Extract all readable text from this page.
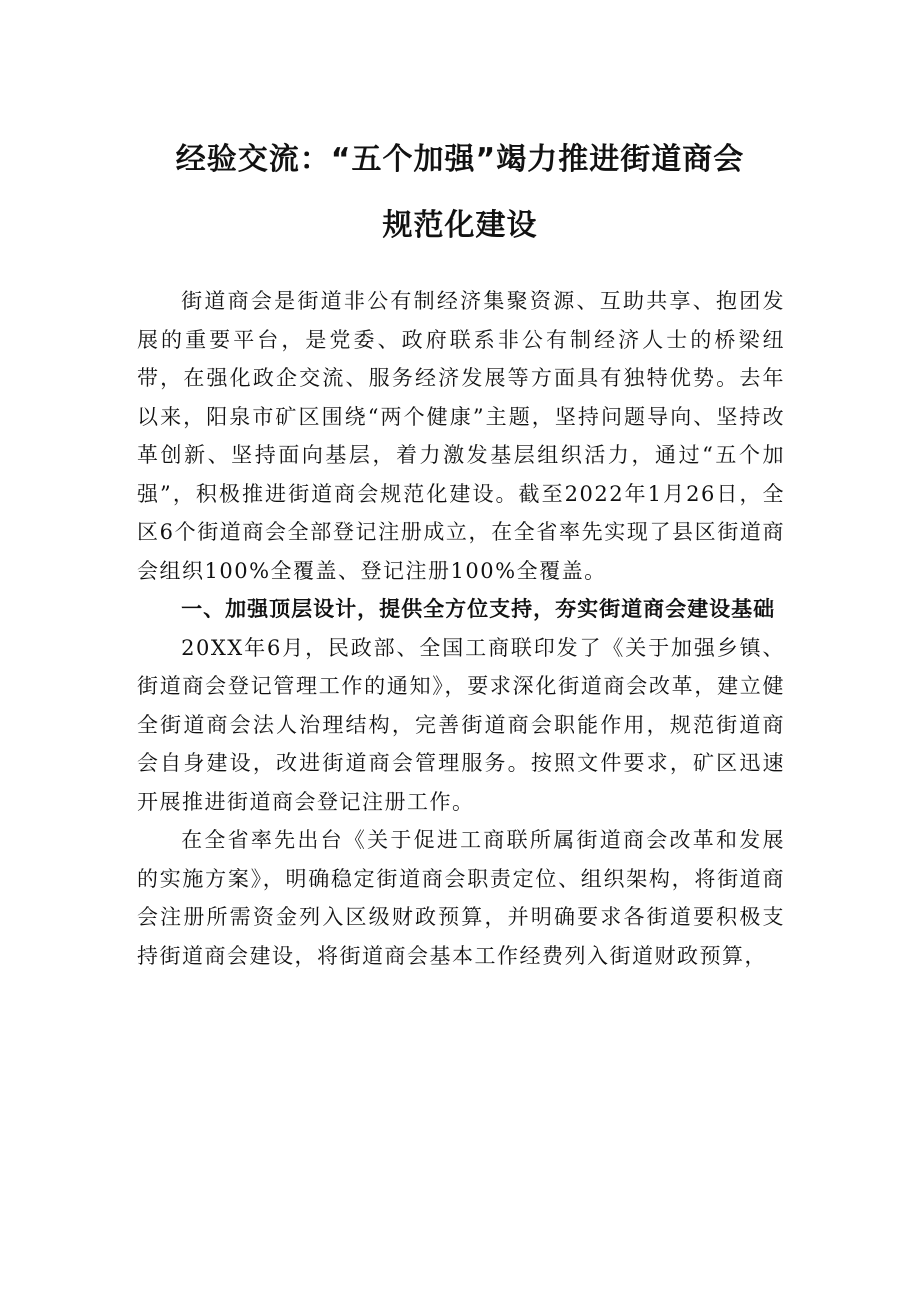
经验交流：“五个加强”竭力推进街道商会
规范化建设

街道商会是街道非公有制经济集聚资源、互助共享、抱团发展的重要平台，是党委、政府联系非公有制经济人士的桥梁纽带，在强化政企交流、服务经济发展等方面具有独特优势。去年以来，阳泉市矿区围绕“两个健康”主题，坚持问题导向、坚持改革创新、坚持面向基层，着力激发基层组织活力，通过“五个加强”，积极推进街道商会规范化建设。截至2022年1月26日，全区6个街道商会全部登记注册成立，在全省率先实现了县区街道商会组织100%全覆盖、登记注册100%全覆盖。

一、加强顶层设计，提供全方位支持，夯实街道商会建设基础

20XX年6月，民政部、全国工商联印发了《关于加强乡镇、街道商会登记管理工作的通知》，要求深化街道商会改革，建立健全街道商会法人治理结构，完善街道商会职能作用，规范街道商会自身建设，改进街道商会管理服务。按照文件要求，矿区迅速开展推进街道商会登记注册工作。

在全省率先出台《关于促进工商联所属街道商会改革和发展的实施方案》，明确稳定街道商会职责定位、组织架构，将街道商会注册所需资金列入区级财政预算，并明确要求各街道要积极支持街道商会建设，将街道商会基本工作经费列入街道财政预算，
